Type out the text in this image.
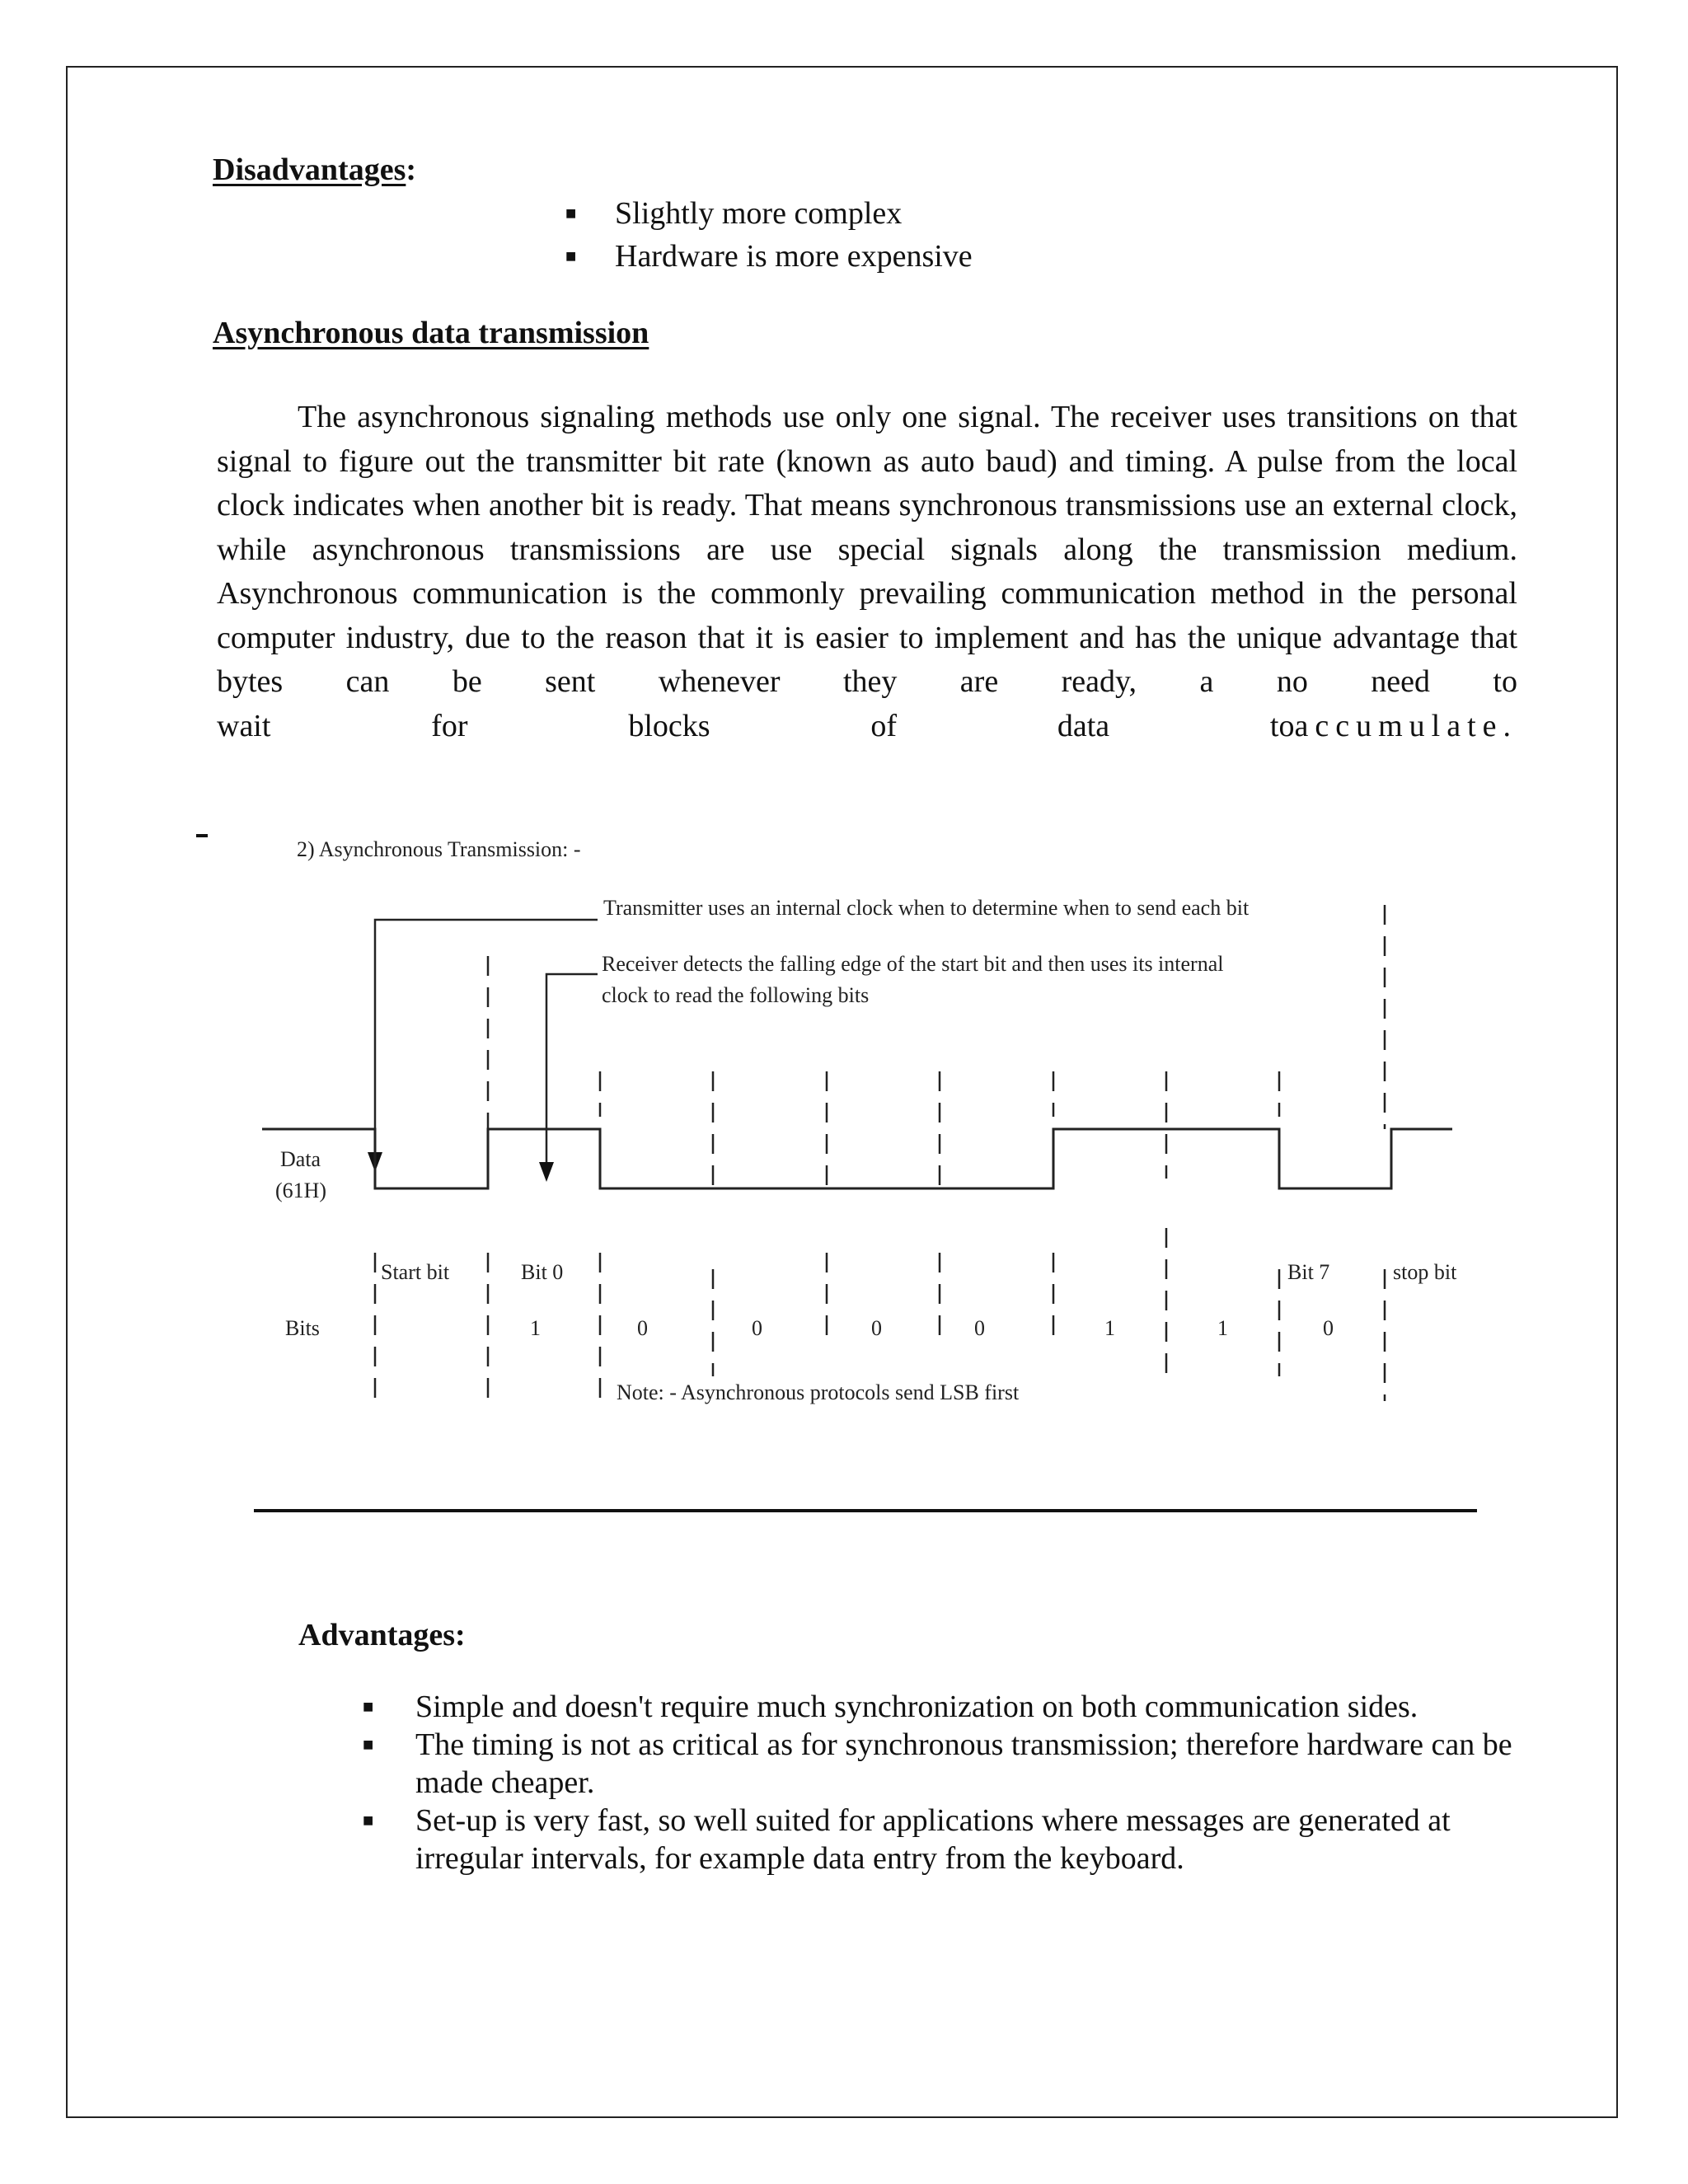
Disadvantages:
■ Slightly more complex
■ Hardware is more expensive
Asynchronous data transmission

The asynchronous signaling methods use only one signal. The receiver uses transitions on that signal to figure out the transmitter bit rate (known as auto baud) and timing. A pulse from the local clock indicates when another bit is ready. That means synchronous transmissions use an external clock, while asynchronous transmissions are use special signals along the transmission medium. Asynchronous communication is the commonly prevailing communication method in the personal computer industry, due to the reason that it is easier to implement and has the unique advantage that bytes can be sent whenever they are ready, a no need to
wait for blocks of data toaccumulate.

2) Asynchronous Transmission: -
Transmitter uses an internal clock when to determine when to send each bit
Receiver detects the falling edge of the start bit and then uses its internal
clock to read the following bits
Data
(61H)
Start bit	Bit 0	Bit 7	stop bit
Bits	1	0	0	0	0	1	1	0
Note: - Asynchronous protocols send LSB first
Advantages:
■ Simple and doesn't require much synchronization on both communication sides.
■ The timing is not as critical as for synchronous transmission; therefore hardware can be made cheaper.
■ Set-up is very fast, so well suited for applications where messages are generated at irregular intervals, for example data entry from the keyboard.
